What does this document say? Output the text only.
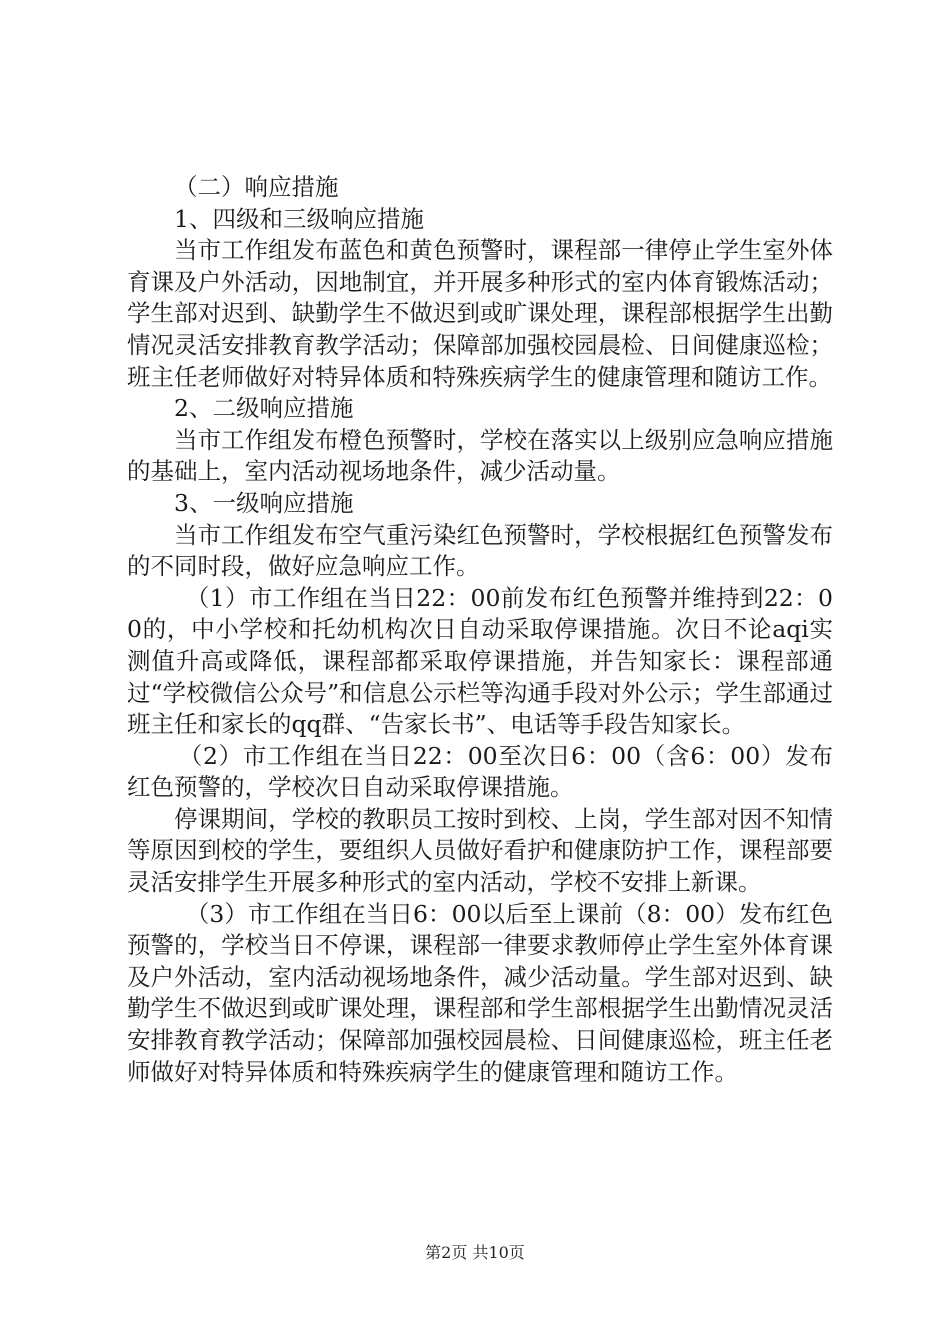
（二）响应措施

1、四级和三级响应措施

当市工作组发布蓝色和黄色预警时，课程部一律停止学生室外体育课及户外活动，因地制宜，并开展多种形式的室内体育锻炼活动；学生部对迟到、缺勤学生不做迟到或旷课处理，课程部根据学生出勤情况灵活安排教育教学活动；保障部加强校园晨检、日间健康巡检；班主任老师做好对特异体质和特殊疾病学生的健康管理和随访工作。

2、二级响应措施

当市工作组发布橙色预警时，学校在落实以上级别应急响应措施的基础上，室内活动视场地条件，减少活动量。

3、一级响应措施

当市工作组发布空气重污染红色预警时，学校根据红色预警发布的不同时段，做好应急响应工作。

（1）市工作组在当日22：00前发布红色预警并维持到22：00的，中小学校和托幼机构次日自动采取停课措施。次日不论aqi实测值升高或降低，课程部都采取停课措施，并告知家长：课程部通过“学校微信公众号”和信息公示栏等沟通手段对外公示；学生部通过班主任和家长的qq群、“告家长书”、电话等手段告知家长。

（2）市工作组在当日22：00至次日6：00（含6：00）发布红色预警的，学校次日自动采取停课措施。

停课期间，学校的教职员工按时到校、上岗，学生部对因不知情等原因到校的学生，要组织人员做好看护和健康防护工作，课程部要灵活安排学生开展多种形式的室内活动，学校不安排上新课。

（3）市工作组在当日6：00以后至上课前（8：00）发布红色预警的，学校当日不停课，课程部一律要求教师停止学生室外体育课及户外活动，室内活动视场地条件，减少活动量。学生部对迟到、缺勤学生不做迟到或旷课处理，课程部和学生部根据学生出勤情况灵活安排教育教学活动；保障部加强校园晨检、日间健康巡检，班主任老师做好对特异体质和特殊疾病学生的健康管理和随访工作。

第2页 共10页
